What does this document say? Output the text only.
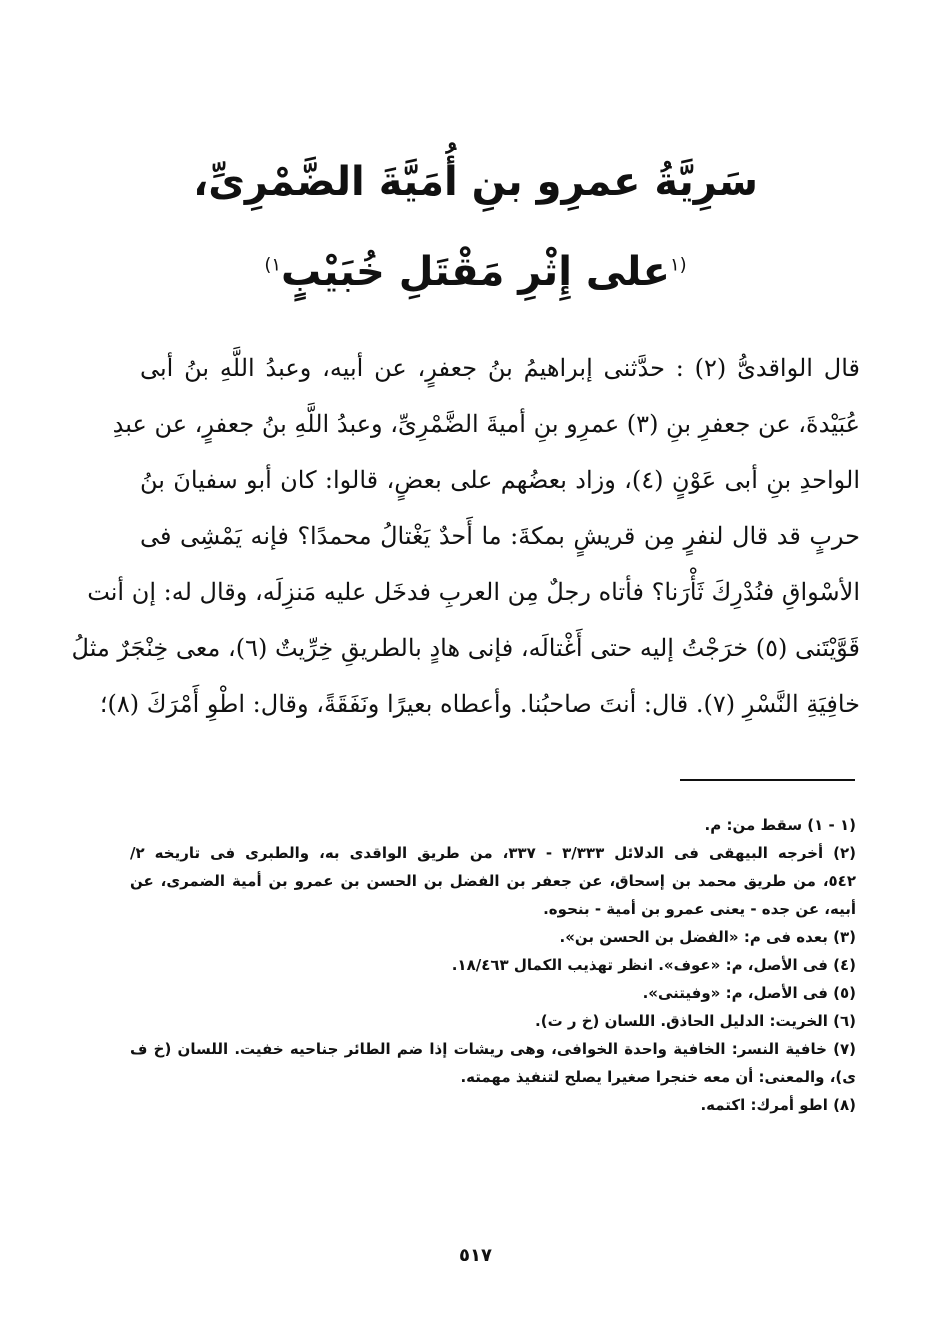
سَرِيَّةُ عمرِو بنِ أُمَيَّةَ الضَّمْرِىِّ،
$^{(١}$على إِثْرِ مَقْتَلِ خُبَيْبٍ$^{١)}$
قال الواقدىُّ (٢) : حدَّثنى إبراهيمُ بنُ جعفرٍ، عن أبيه، وعبدُ اللَّهِ بنُ أبى
عُبَيْدةَ، عن جعفرِ بنِ (٣) عمرِو بنِ أميةَ الضَّمْرِىِّ، وعبدُ اللَّهِ بنُ جعفرٍ، عن عبدِ
الواحدِ بنِ أبى عَوْنٍ (٤)، وزاد بعضُهم على بعضٍ، قالوا: كان أبو سفيانَ بنُ
حربٍ قد قال لنفرٍ مِن قريشٍ بمكةَ: ما أَحدٌ يَغْتالُ محمدًا؟ فإنه يَمْشِى فى
الأسْواقِ فنُدْرِكَ ثَأْرَنا؟ فأتاه رجلٌ مِن العربِ فدخَل عليه مَنزِلَه، وقال له: إن أنت
قَوَّيْتَنى (٥) خرَجْتُ إليه حتى أَغْتالَه، فإنى هادٍ بالطريقِ خِرِّيتٌ (٦)، معى خِنْجَرٌ مثلُ
خافِيَةِ النَّسْرِ (٧). قال: أنتَ صاحبُنا. وأعطاه بعيرًا ونَفَقَةً، وقال: اطْوِ أَمْرَكَ (٨)؛
(١ - ١) سقط من: م.
(٢) أخرجه البيهقى فى الدلائل ٣/٣٣٣ - ٣٣٧، من طريق الواقدى به، والطبرى فى تاريخه ٢/
٥٤٢، من طريق محمد بن إسحاق، عن جعفر بن الفضل بن الحسن بن عمرو بن أمية الضمرى، عن
أبيه، عن جده - يعنى عمرو بن أمية - بنحوه.
(٣) بعده فى م: «الفضل بن الحسن بن».
(٤) فى الأصل، م: «عوف». انظر تهذيب الكمال ١٨/٤٦٣.
(٥) فى الأصل، م: «وفيتنى».
(٦) الخريت: الدليل الحاذق. اللسان (خ ر ت).
(٧) خافية النسر: الخافية واحدة الخوافى، وهى ريشات إذا ضم الطائر جناحيه خفيت. اللسان (خ ف
ى)، والمعنى: أن معه خنجرا صغيرا يصلح لتنفيذ مهمته.
(٨) اطو أمرك: اكتمه.
٥١٧
